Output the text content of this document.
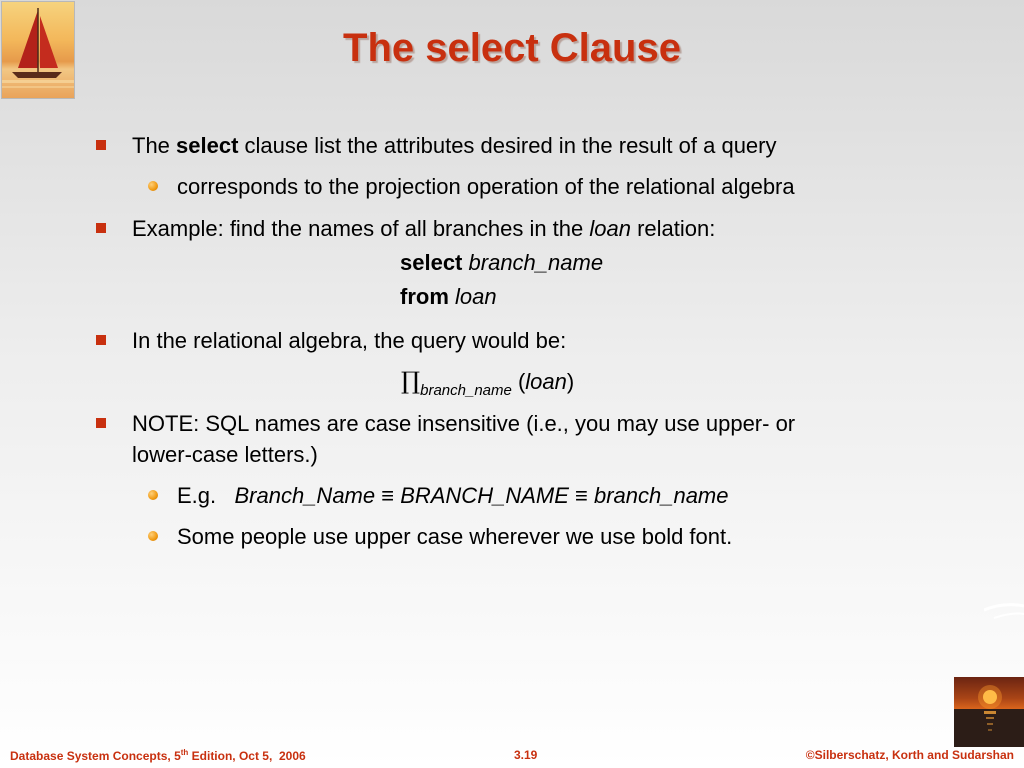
The select Clause
The select clause list the attributes desired in the result of a query
corresponds to the projection operation of the relational algebra
Example: find the names of all branches in the loan relation:
select branch_name
from loan
In the relational algebra, the query would be:
$\prod_{branch\_name}$ (loan)
NOTE: SQL names are case insensitive (i.e., you may use upper- or
lower-case letters.)
E.g.   Branch_Name ≡ BRANCH_NAME ≡ branch_name
Some people use upper case wherever we use bold font.
Database System Concepts, 5th Edition, Oct 5,  2006	3.19	©Silberschatz, Korth and Sudarshan
